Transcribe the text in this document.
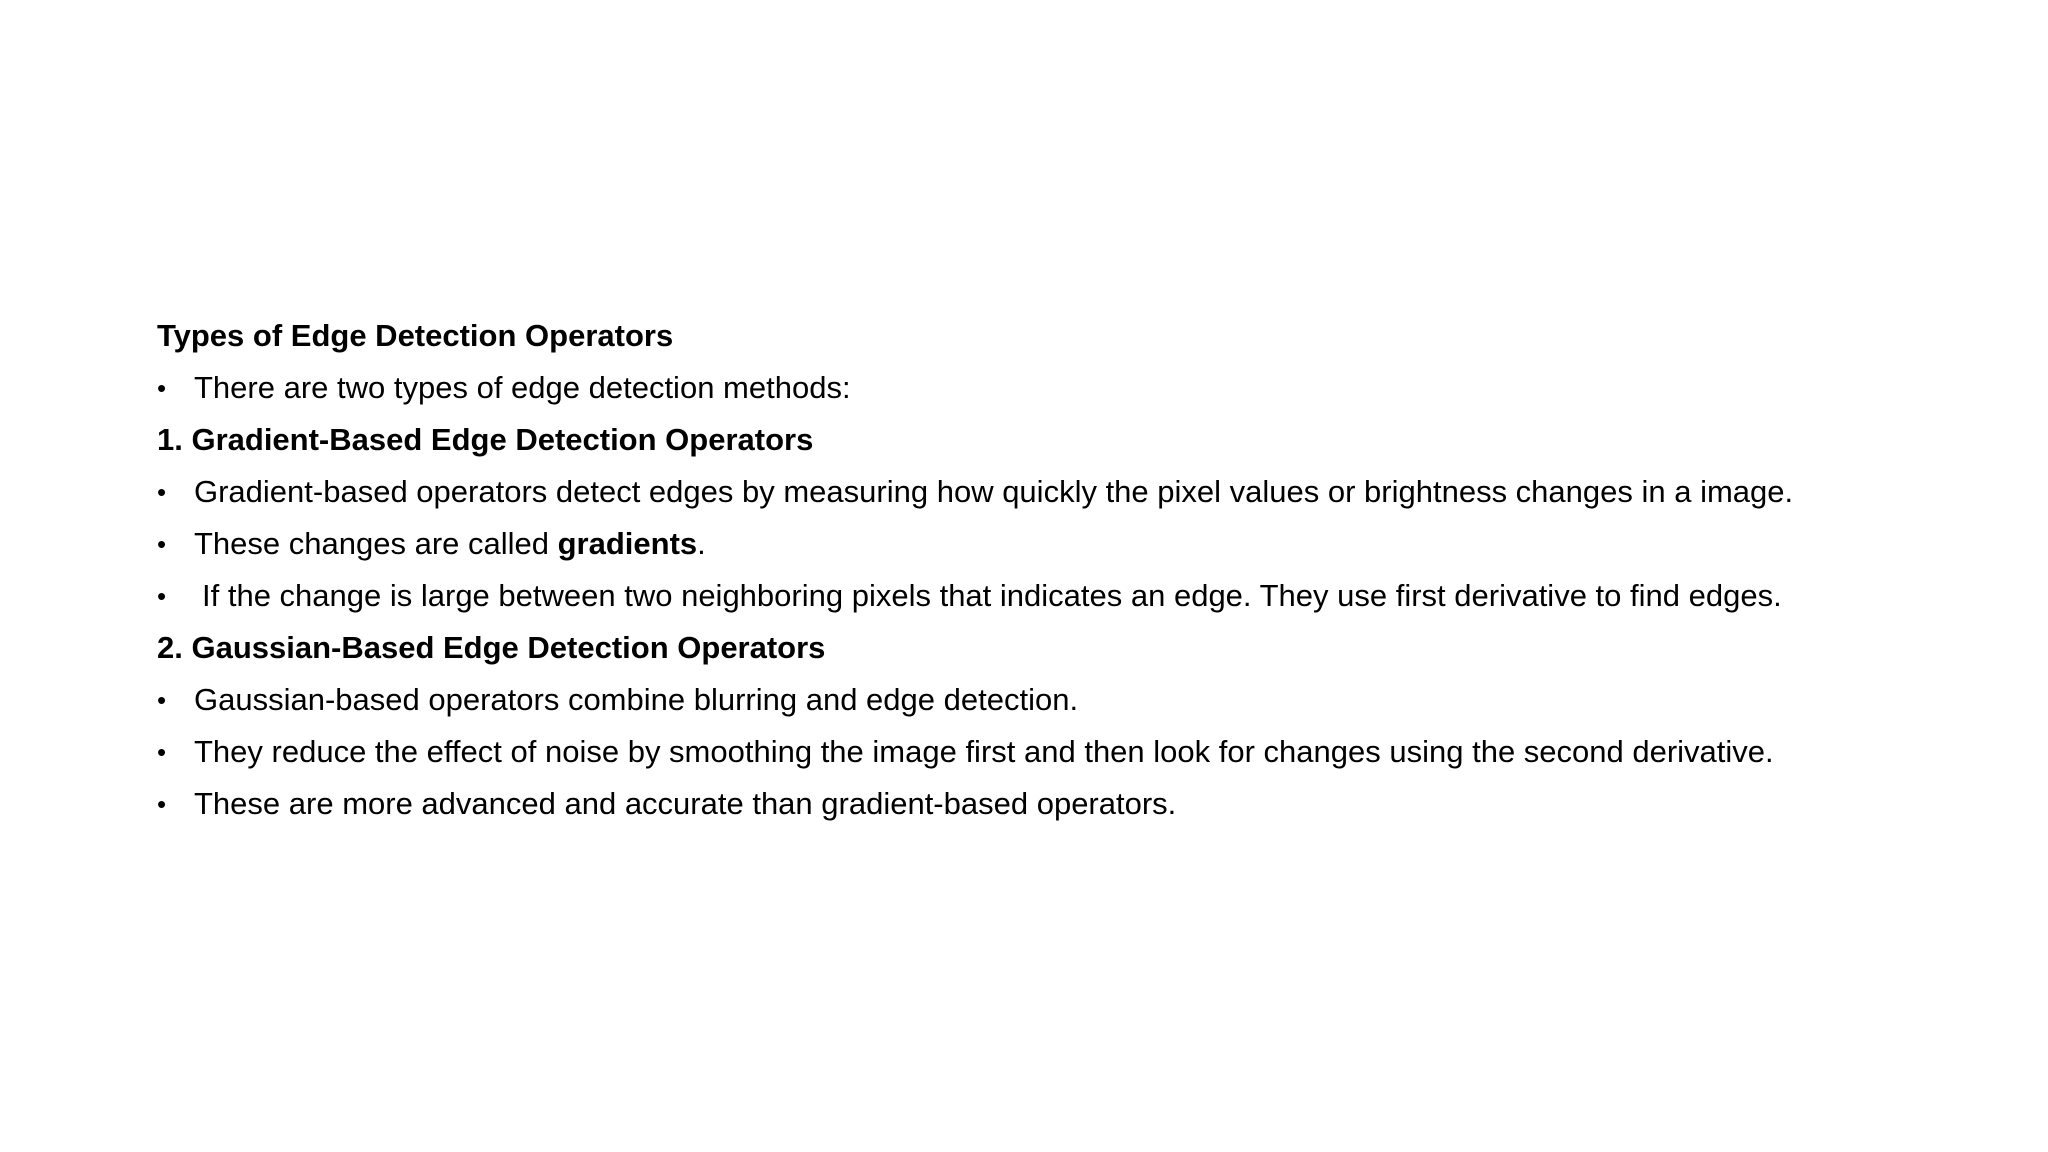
Types of Edge Detection Operators
• There are two types of edge detection methods:
1. Gradient-Based Edge Detection Operators
• Gradient-based operators detect edges by measuring how quickly the pixel values or brightness changes in a image.
• These changes are called gradients.
•	If the change is large between two neighboring pixels that indicates an edge. They use first derivative to find edges.
2. Gaussian-Based Edge Detection Operators
• Gaussian-based operators combine blurring and edge detection.
• They reduce the effect of noise by smoothing the image first and then look for changes using the second derivative.
• These are more advanced and accurate than gradient-based operators.
